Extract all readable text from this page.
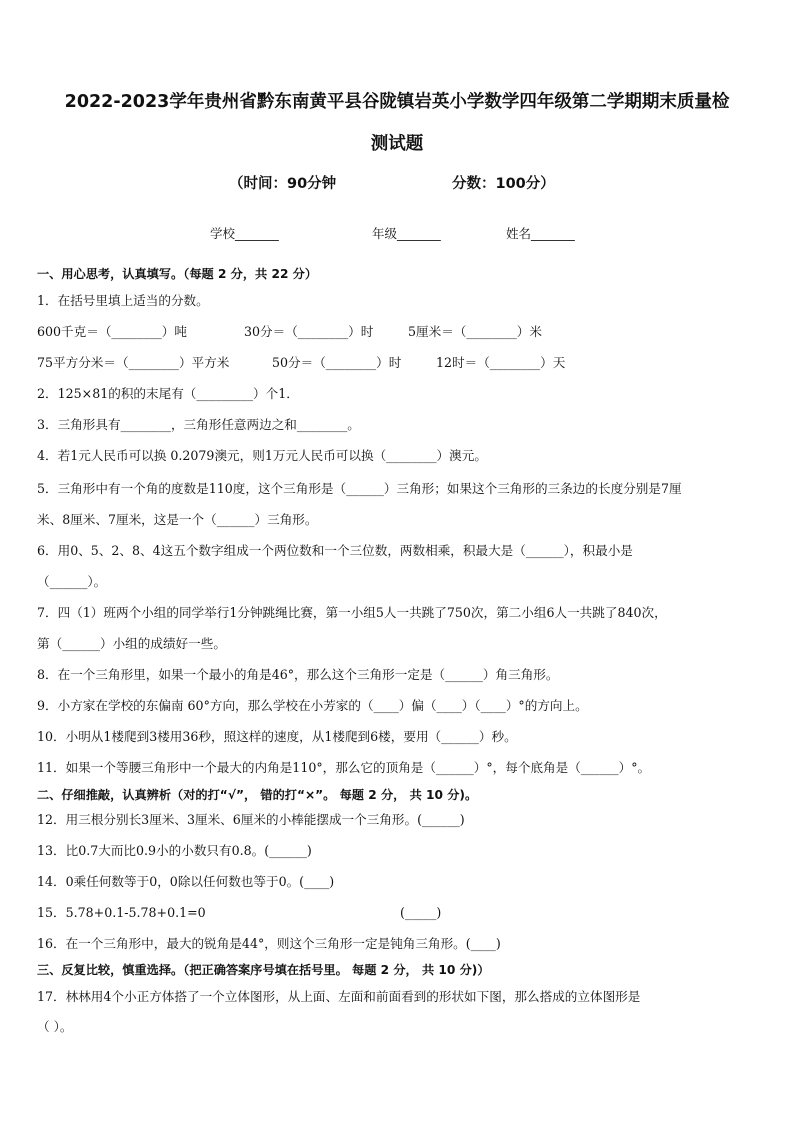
2022-2023学年贵州省黔东南黄平县谷陇镇岩英小学数学四年级第二学期期末质量检
测试题
（时间：90分钟	分数：100分）
学校_______	年级_______	姓名_______
一、用心思考，认真填写。（每题 2 分，共 22 分）
1．在括号里填上适当的分数。
600千克＝（________）吨	30分＝（________）时	5厘米＝（________）米
75平方分米＝（________）平方米	50分＝（________）时	12时＝（________）天
2．125×81的积的末尾有（_________）个1．
3．三角形具有________，三角形任意两边之和________。
4．若1元人民币可以换 0.2079澳元，则1万元人民币可以换（________）澳元。
5．三角形中有一个角的度数是110度，这个三角形是（______）三角形；如果这个三角形的三条边的长度分别是7厘
米、8厘米、7厘米，这是一个（______）三角形。
6．用0、5、2、8、4这五个数字组成一个两位数和一个三位数，两数相乘，积最大是（______），积最小是
（______）。
7．四（1）班两个小组的同学举行1分钟跳绳比赛，第一小组5人一共跳了750次，第二小组6人一共跳了840次，
第（______）小组的成绩好一些。
8．在一个三角形里，如果一个最小的角是46°，那么这个三角形一定是（______）角三角形。
9．小方家在学校的东偏南 60°方向，那么学校在小芳家的（____）偏（____）（____）°的方向上。
10．小明从1楼爬到3楼用36秒，照这样的速度，从1楼爬到6楼，要用（______）秒。
11．如果一个等腰三角形中一个最大的内角是110°，那么它的顶角是（______）°，每个底角是（______）°。
二、仔细推敲，认真辨析（对的打“√”， 错的打“×”。 每题 2 分， 共 10 分)。
12．用三根分别长3厘米、3厘米、6厘米的小棒能摆成一个三角形。(______)
13．比0.7大而比0.9小的小数只有0.8。(______)
14．0乘任何数等于0，0除以任何数也等于0。(____)
15．5.78+0.1-5.78+0.1=0	(_____)
16．在一个三角形中，最大的锐角是44°，则这个三角形一定是钝角三角形。(____)
三、反复比较，慎重选择。（把正确答案序号填在括号里。 每题 2 分， 共 10 分)）
17．林林用4个小正方体搭了一个立体图形，从上面、左面和前面看到的形状如下图，那么搭成的立体图形是
（ ）。
